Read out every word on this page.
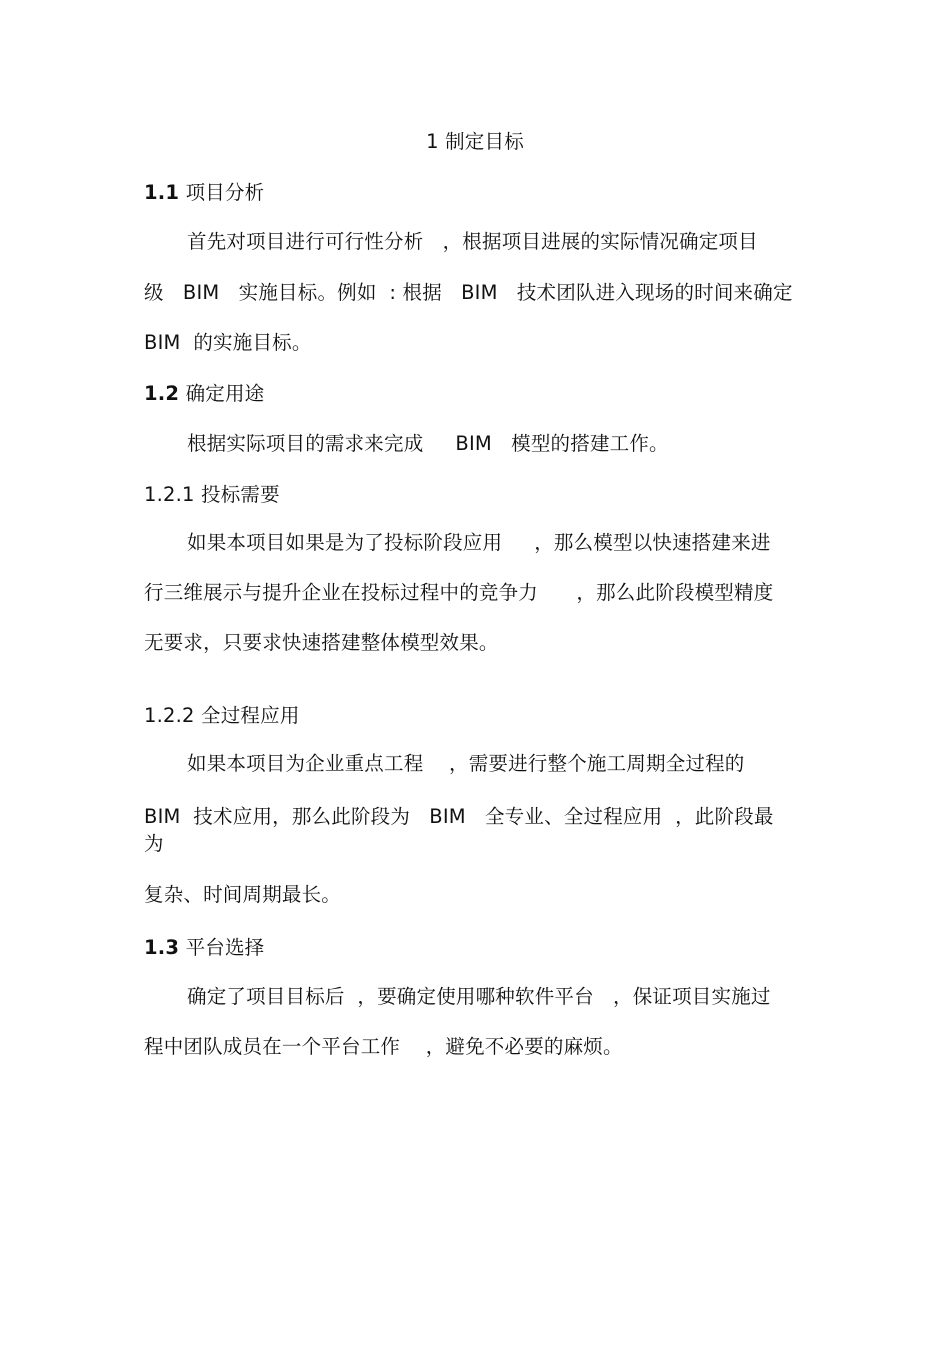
1 制定目标
1.1 项目分析
首先对项目进行可行性分析   ，根据项目进展的实际情况确定项目
级   BIM   实施目标。例如  : 根据   BIM   技术团队进入现场的时间来确定
BIM  的实施目标。
1.2 确定用途
根据实际项目的需求来完成     BIM   模型的搭建工作。
1.2.1 投标需要
如果本项目如果是为了投标阶段应用     ，那么模型以快速搭建来进
行三维展示与提升企业在投标过程中的竞争力      ，那么此阶段模型精度
无要求，只要求快速搭建整体模型效果。
1.2.2 全过程应用
如果本项目为企业重点工程    ，需要进行整个施工周期全过程的
BIM  技术应用，那么此阶段为   BIM   全专业、全过程应用  ，此阶段最
为
复杂、时间周期最长。
1.3 平台选择
确定了项目目标后  ，要确定使用哪种软件平台   ，保证项目实施过
程中团队成员在一个平台工作    ，避免不必要的麻烦。
